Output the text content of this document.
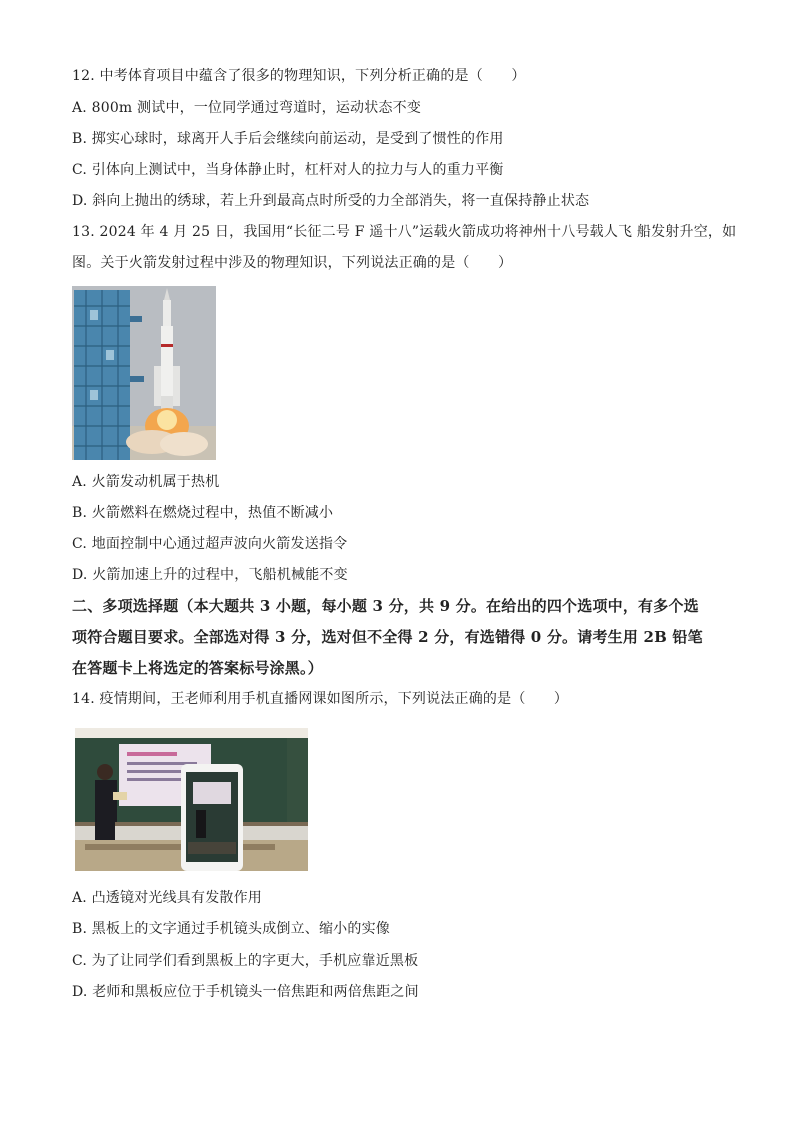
12. 中考体育项目中蕴含了很多的物理知识，下列分析正确的是（　　）
A. 800m 测试中，一位同学通过弯道时，运动状态不变
B. 掷实心球时，球离开人手后会继续向前运动，是受到了惯性的作用
C. 引体向上测试中，当身体静止时，杠杆对人的拉力与人的重力平衡
D. 斜向上抛出的绣球，若上升到最高点时所受的力全部消失，将一直保持静止状态
13. 2024 年 4 月 25 日，我国用“长征二号 F 遥十八”运载火箭成功将神州十八号载人飞 船发射升空，如
图。关于火箭发射过程中涉及的物理知识，下列说法正确的是（　　）
A. 火箭发动机属于热机
B. 火箭燃料在燃烧过程中，热值不断减小
C. 地面控制中心通过超声波向火箭发送指令
D. 火箭加速上升的过程中，飞船机械能不变
二、多项选择题（本大题共 3 小题，每小题 3 分，共 9 分。在给出的四个选项中，有多个选
项符合题目要求。全部选对得 3 分，选对但不全得 2 分，有选错得 0 分。请考生用 2B 铅笔
在答题卡上将选定的答案标号涂黑。）
14. 疫情期间，王老师利用手机直播网课如图所示，下列说法正确的是（　　）
A. 凸透镜对光线具有发散作用
B. 黑板上的文字通过手机镜头成倒立、缩小的实像
C. 为了让同学们看到黑板上的字更大，手机应靠近黑板
D. 老师和黑板应位于手机镜头一倍焦距和两倍焦距之间
